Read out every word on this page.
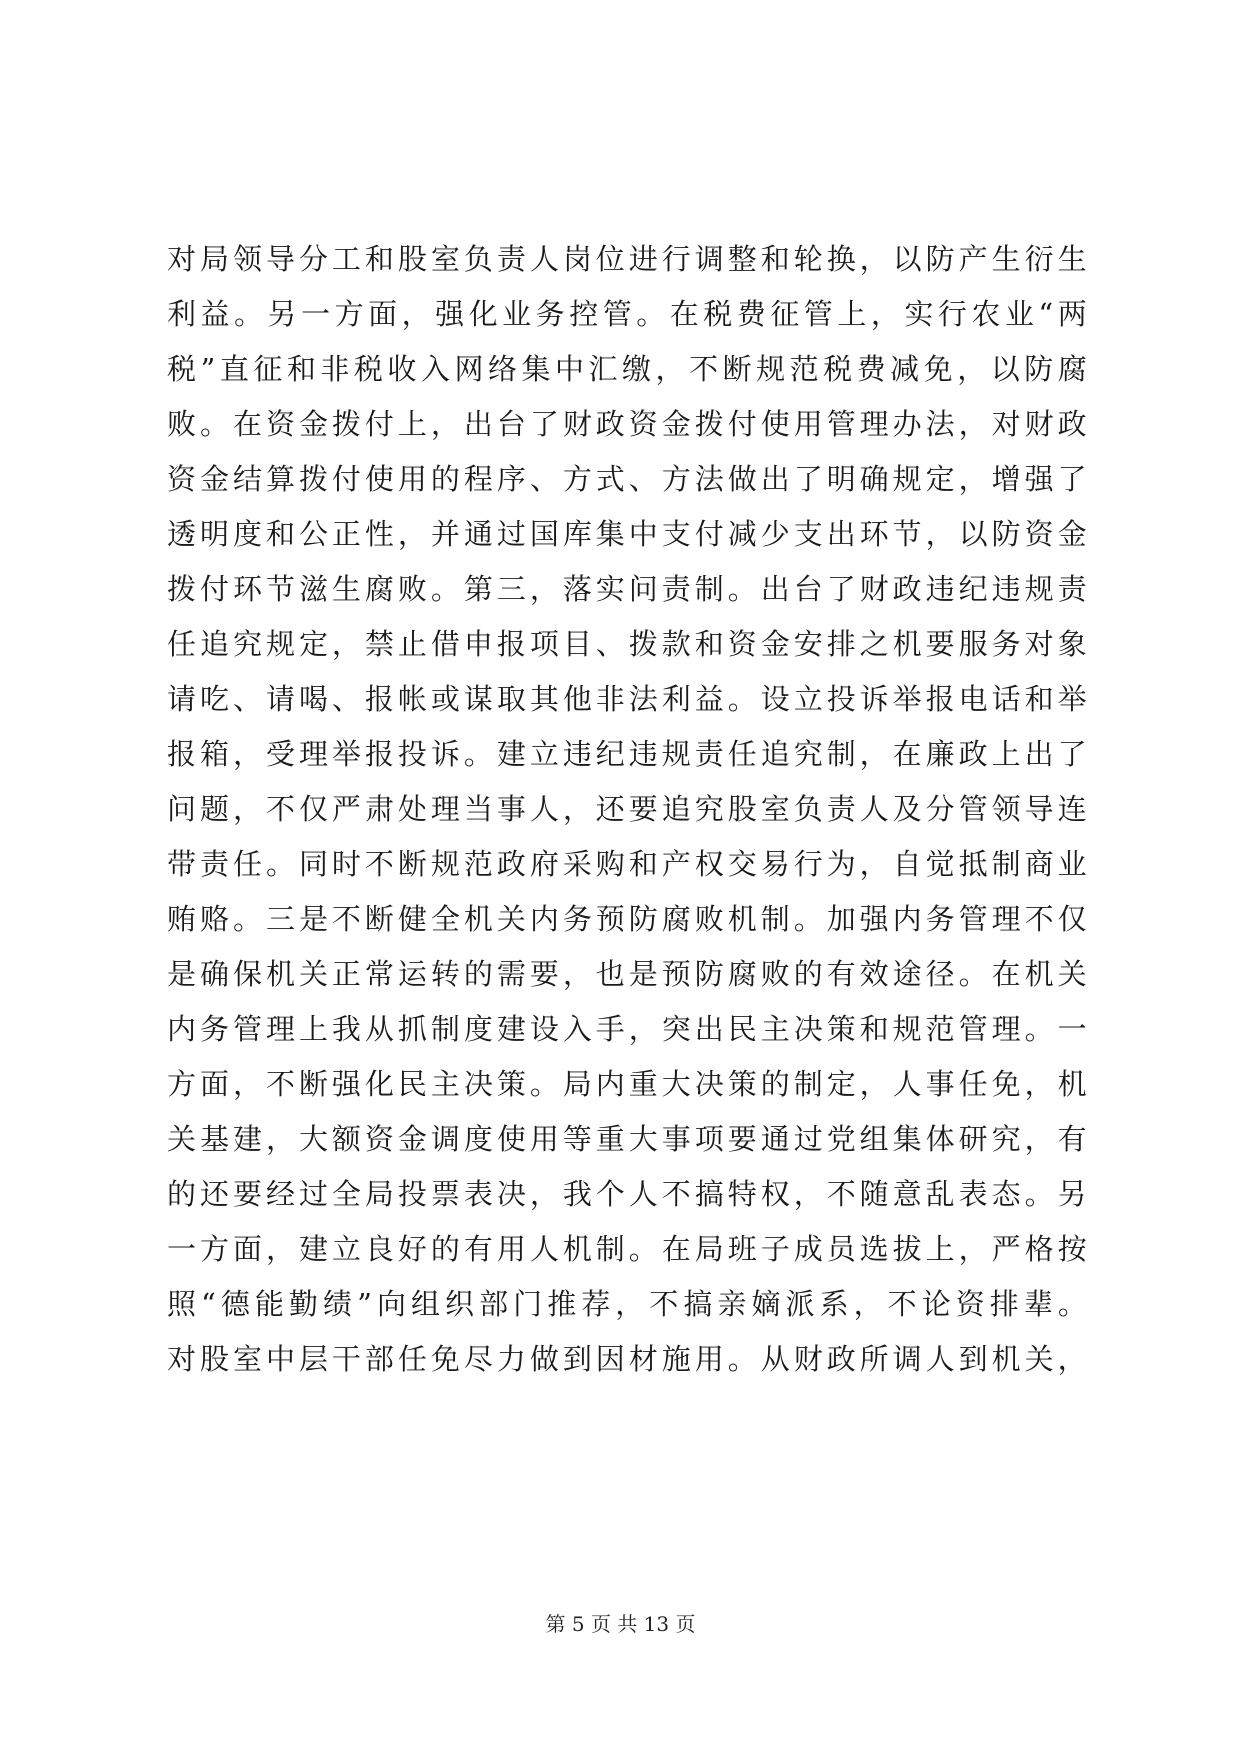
对 局 领 导 分 工 和 股 室 负 责 人 岗 位 进 行 调 整 和 轮 换 ， 以 防 产 生 衍 生
利 益 。 另 一 方 面 ， 强 化 业 务 控 管 。 在 税 费 征 管 上 ， 实 行 农 业 “ 两
税 ” 直 征 和 非 税 收 入 网 络 集 中 汇 缴 ， 不 断 规 范 税 费 减 免 ， 以 防 腐
败 。 在 资 金 拨 付 上 ， 出 台 了 财 政 资 金 拨 付 使 用 管 理 办 法 ， 对 财 政
资 金 结 算 拨 付 使 用 的 程 序 、 方 式 、 方 法 做 出 了 明 确 规 定 ， 增 强 了
透 明 度 和 公 正 性 ， 并 通 过 国 库 集 中 支 付 减 少 支 出 环 节 ， 以 防 资 金
拨 付 环 节 滋 生 腐 败 。 第 三 ， 落 实 问 责 制 。 出 台 了 财 政 违 纪 违 规 责
任 追 究 规 定 ， 禁 止 借 申 报 项 目 、 拨 款 和 资 金 安 排 之 机 要 服 务 对 象
请 吃 、 请 喝 、 报 帐 或 谋 取 其 他 非 法 利 益 。 设 立 投 诉 举 报 电 话 和 举
报 箱 ， 受 理 举 报 投 诉 。 建 立 违 纪 违 规 责 任 追 究 制 ， 在 廉 政 上 出 了
问 题 ， 不 仅 严 肃 处 理 当 事 人 ， 还 要 追 究 股 室 负 责 人 及 分 管 领 导 连
带 责 任 。 同 时 不 断 规 范 政 府 采 购 和 产 权 交 易 行 为 ， 自 觉 抵 制 商 业
贿 赂 。 三 是 不 断 健 全 机 关 内 务 预 防 腐 败 机 制 。 加 强 内 务 管 理 不 仅
是 确 保 机 关 正 常 运 转 的 需 要 ， 也 是 预 防 腐 败 的 有 效 途 径 。 在 机 关
内 务 管 理 上 我 从 抓 制 度 建 设 入 手 ， 突 出 民 主 决 策 和 规 范 管 理 。 一
方 面 ， 不 断 强 化 民 主 决 策 。 局 内 重 大 决 策 的 制 定 ， 人 事 任 免 ， 机
关 基 建 ， 大 额 资 金 调 度 使 用 等 重 大 事 项 要 通 过 党 组 集 体 研 究 ， 有
的 还 要 经 过 全 局 投 票 表 决 ， 我 个 人 不 搞 特 权 ， 不 随 意 乱 表 态 。 另
一 方 面 ， 建 立 良 好 的 有 用 人 机 制 。 在 局 班 子 成 员 选 拔 上 ， 严 格 按
照 “ 德 能 勤 绩 ” 向 组 织 部 门 推 荐 ， 不 搞 亲 嫡 派 系 ， 不 论 资 排 辈 。
对 股 室 中 层 干 部 任 免 尽 力 做 到 因 材 施 用 。 从 财 政 所 调 人 到 机 关 ，
第 5 页 共 13 页
